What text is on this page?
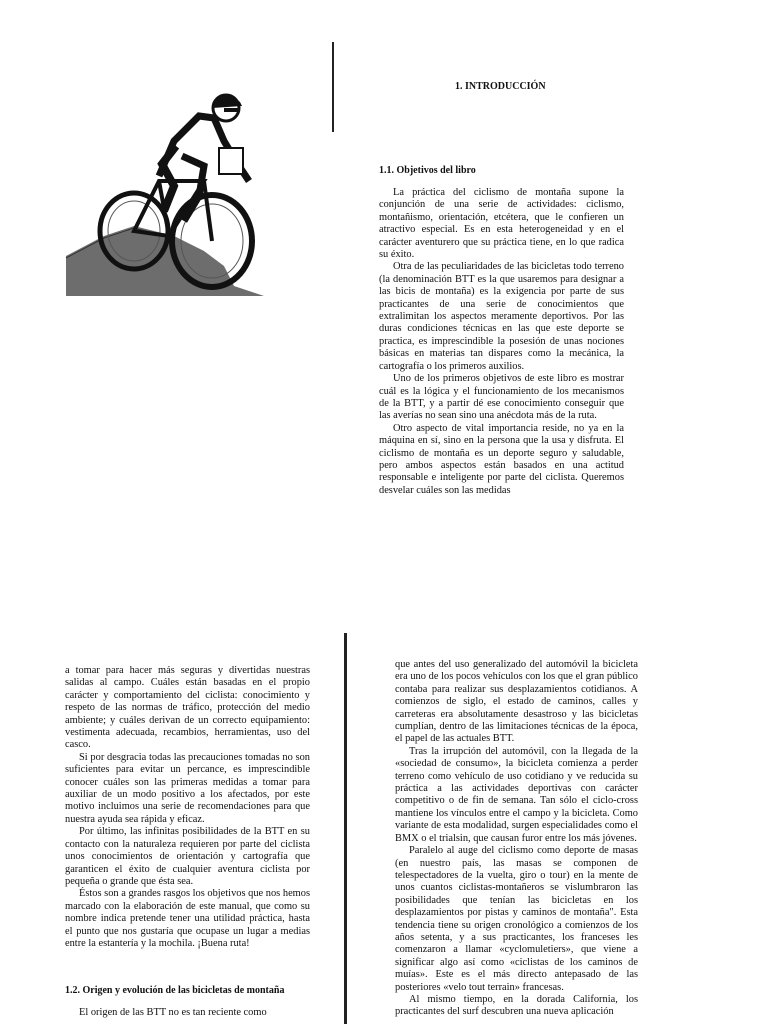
1. INTRODUCCIÓN
1.1. Objetivos del libro

La práctica del ciclismo de montaña supone la conjunción de una serie de actividades: ciclismo, montañismo, orientación, etcétera, que le confieren un atractivo especial. Es en esta heterogeneidad y en el carácter aventurero que su práctica tiene, en lo que radica su éxito.

Otra de las peculiaridades de las bicicletas todo terreno (la denominación BTT es la que usaremos para designar a las bicis de montaña) es la exigencia por parte de sus practicantes de una serie de conocimientos que extralimitan los aspectos meramente deportivos. Por las duras condiciones técnicas en las que este deporte se practica, es imprescindible la posesión de unas nociones básicas en materias tan dispares como la mecánica, la cartografía o los primeros auxilios.

Uno de los primeros objetivos de este libro es mostrar cuál es la lógica y el funcionamiento de los mecanismos de la BTT, y a partir dé ese conocimiento conseguir que las averías no sean sino una anécdota más de la ruta.

Otro aspecto de vital importancia reside, no ya en la máquina en sí, sino en la persona que la usa y disfruta. El ciclismo de montaña es un deporte seguro y saludable, pero ambos aspectos están basados en una actitud responsable e inteligente por parte del ciclista. Queremos desvelar cuáles son las medidas

a tomar para hacer más seguras y divertidas nuestras salidas al campo. Cuáles están basadas en el propio carácter y comportamiento del ciclista: conocimiento y respeto de las normas de tráfico, protección del medio ambiente; y cuáles derivan de un correcto equipamiento: vestimenta adecuada, recambios, herramientas, uso del casco.

Si por desgracia todas las precauciones tomadas no son suficientes para evitar un percance, es imprescindible conocer cuáles son las primeras medidas a tomar para auxiliar de un modo positivo a los afectados, por este motivo incluimos una serie de recomendaciones para que nuestra ayuda sea rápida y eficaz.

Por último, las infinitas posibilidades de la BTT en su contacto con la naturaleza requieren por parte del ciclista unos conocimientos de orientación y cartografía que garanticen el éxito de cualquier aventura ciclista por pequeña o grande que ésta sea.

Éstos son a grandes rasgos los objetivos que nos hemos marcado con la elaboración de este manual, que como su nombre indica pretende tener una utilidad práctica, hasta el punto que nos gustaría que ocupase un lugar a medias entre la estantería y la mochila. ¡Buena ruta!

1.2. Origen y evolución de las bicicletas de montaña

El origen de las BTT no es tan reciente como

que antes del uso generalizado del automóvil la bicicleta era uno de los pocos vehículos con los que el gran público contaba para realizar sus desplazamientos cotidianos. A comienzos de siglo, el estado de caminos, calles y carreteras era absolutamente desastroso y las bicicletas cumplían, dentro de las limitaciones técnicas de la época, el papel de las actuales BTT.

Tras la irrupción del automóvil, con la llegada de la «sociedad de consumo», la bicicleta comienza a perder terreno como vehículo de uso cotidiano y ve reducida su práctica a las actividades deportivas con carácter competitivo o de fin de semana. Tan sólo el ciclo-cross mantiene los vínculos entre el campo y la bicicleta. Como variante de esta modalidad, surgen especialidades como el BMX o el trialsin, que causan furor entre los más jóvenes.

Paralelo al auge del ciclismo como deporte de masas (en nuestro país, las masas se componen de telespectadores de la vuelta, giro o tour) en la mente de unos cuantos ciclistas-montañeros se vislumbraron las posibilidades que tenían las bicicletas en los desplazamientos por pistas y caminos de montaña". Esta tendencia tiene su origen cronológico a comienzos de los años setenta, y a sus practicantes, los franceses les comenzaron a llamar «cyclomuletiers», que viene a significar algo así como «ciclistas de los caminos de muías». Este es el más directo antepasado de las posteriores «velo tout terrain» francesas.

Al mismo tiempo, en la dorada California, los practicantes del surf descubren una nueva aplicación
